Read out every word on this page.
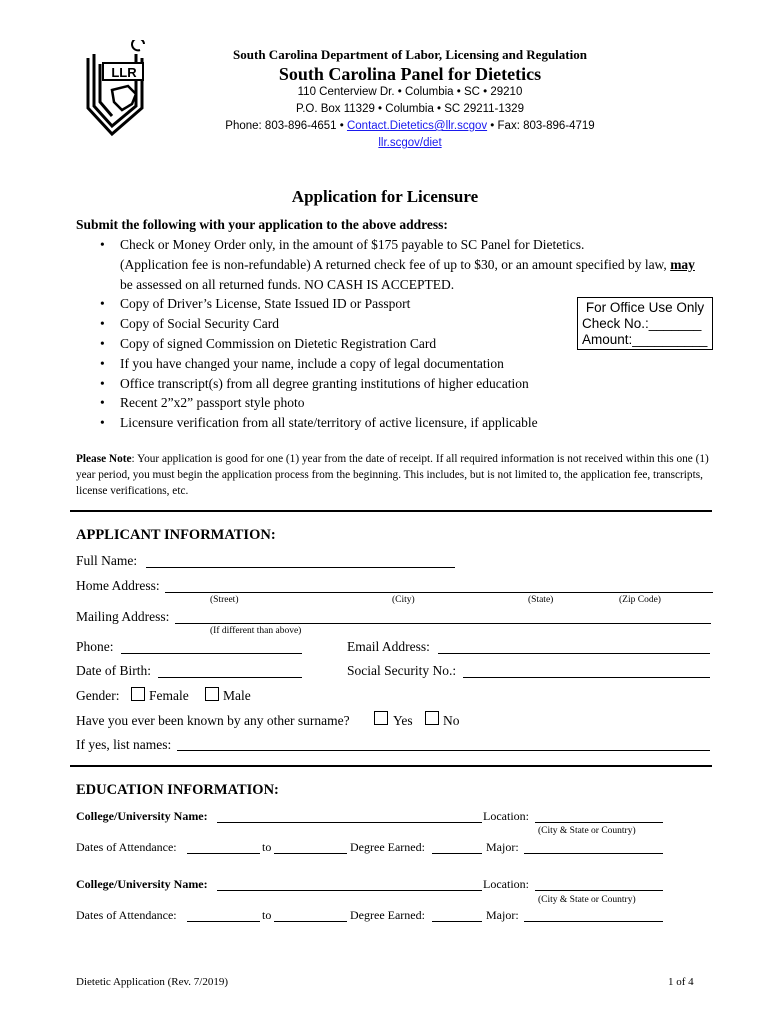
LLR
South Carolina Department of Labor, Licensing and Regulation
South Carolina Panel for Dietetics
110 Centerview Dr. • Columbia • SC • 29210
P.O. Box 11329 • Columbia • SC 29211-1329
Phone: 803-896-4651 • Contact.Dietetics@llr.scgov • Fax: 803-896-4719
llr.scgov/diet
Application for Licensure
Submit the following with your application to the above address:
• Check or Money Order only, in the amount of $175 payable to SC Panel for Dietetics.
(Application fee is non-refundable) A returned check fee of up to $30, or an amount specified by law, may
be assessed on all returned funds. NO CASH IS ACCEPTED.
• Copy of Driver’s License, State Issued ID or Passport
• Copy of Social Security Card
• Copy of signed Commission on Dietetic Registration Card
• If you have changed your name, include a copy of legal documentation
• Office transcript(s) from all degree granting institutions of higher education
• Recent 2”x2” passport style photo
• Licensure verification from all state/territory of active licensure, if applicable
For Office Use Only
Check No.:_______
Amount:__________
Please Note: Your application is good for one (1) year from the date of receipt. If all required information is not received within this one (1) year period, you must begin the application process from the beginning. This includes, but is not limited to, the application fee, transcripts, license verifications, etc.
APPLICANT INFORMATION:
Full Name:
Home Address:
(Street)	(City)	(State)	(Zip Code)
Mailing Address:
(If different than above)
Phone:	Email Address:
Date of Birth:	Social Security No.:
Gender: Female	Male
Have you ever been known by any other surname?	Yes No
If yes, list names:
EDUCATION INFORMATION:
College/University Name:	Location:
(City & State or Country)
Dates of Attendance:	to	Degree Earned:	Major:
College/University Name:	Location:
(City & State or Country)
Dates of Attendance:	to	Degree Earned:	Major:
Dietetic Application (Rev. 7/2019)	1 of 4
